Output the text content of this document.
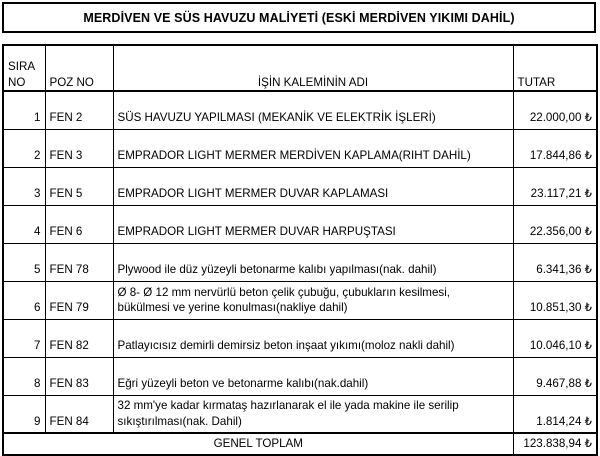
MERDİVEN VE SÜS HAVUZU MALİYETİ (ESKİ MERDİVEN YIKIMI DAHİL)
SIRA
NO	POZ NO	İŞİN KALEMİNİN ADI	TUTAR
1	FEN 2	SÜS HAVUZU YAPILMASI (MEKANİK VE ELEKTRİK İŞLERİ)	22.000,00 ₺
2	FEN 3	EMPRADOR LIGHT MERMER MERDİVEN KAPLAMA(RIHT DAHİL)	17.844,86 ₺
3	FEN 5	EMPRADOR LIGHT MERMER DUVAR KAPLAMASI	23.117,21 ₺
4	FEN 6	EMPRADOR LIGHT MERMER DUVAR HARPUŞTASI	22.356,00 ₺
5	FEN 78	Plywood ile düz yüzeyli betonarme kalıbı yapılması(nak. dahil)	6.341,36 ₺
6	FEN 79	Ø 8- Ø 12 mm nervürlü beton çelik çubuğu, çubukların kesilmesi,
bükülmesi ve yerine konulması(nakliye dahil)	10.851,30 ₺
7	FEN 82	Patlayıcısız demirli demirsiz beton inşaat yıkımı(moloz nakli dahil)	10.046,10 ₺
8	FEN 83	Eğri yüzeyli beton ve betonarme kalıbı(nak.dahil)	9.467,88 ₺
9	FEN 84	32 mm'ye kadar kırmataş hazırlanarak el ile yada makine ile serilip
sıkıştırılması(nak. Dahil)	1.814,24 ₺
GENEL TOPLAM			123.838,94 ₺
